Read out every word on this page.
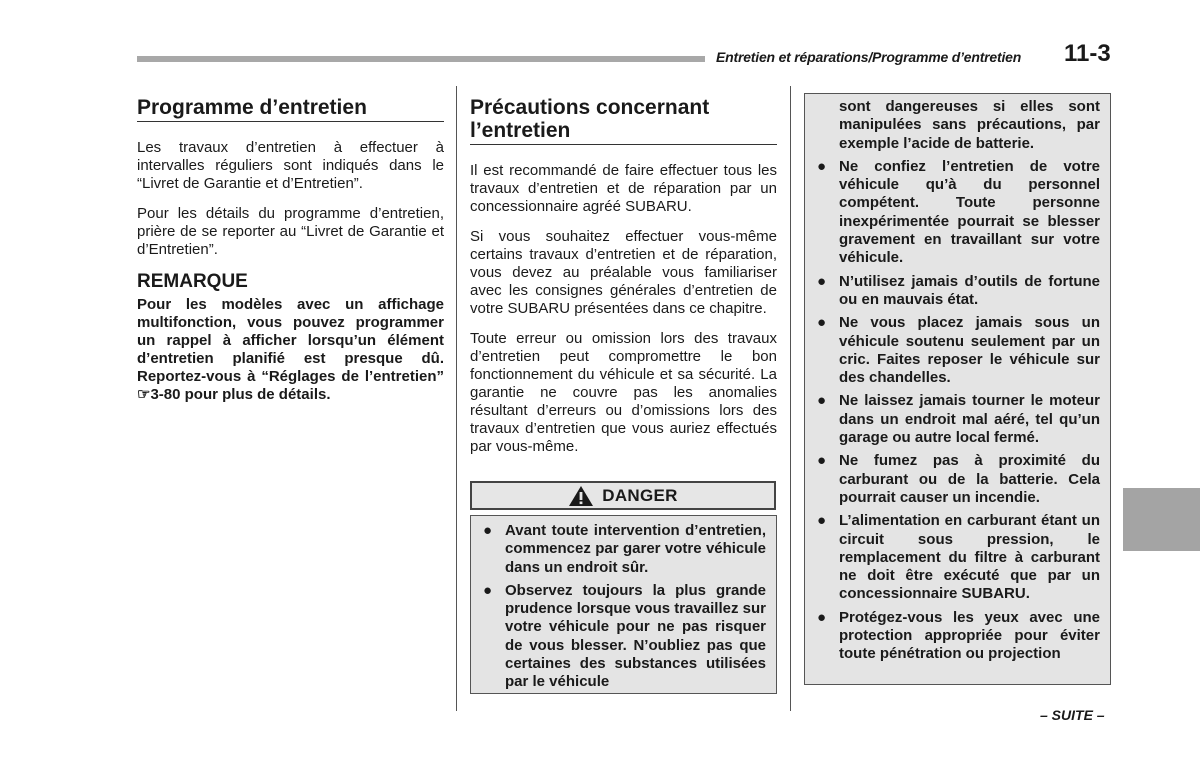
Entretien et réparations/Programme d’entretien 11-3
Programme d’entretien

Les travaux d’entretien à effectuer à intervalles réguliers sont indiqués dans le “Livret de Garantie et d’Entretien”.

Pour les détails du programme d’entretien, prière de se reporter au “Livret de Garantie et d’Entretien”.

REMARQUE

Pour les modèles avec un affichage multifonction, vous pouvez programmer un rappel à afficher lorsqu’un élément d’entretien planifié est presque dû. Reportez-vous à “Réglages de l’entretien” ☞3-80 pour plus de détails.

Précautions concernant l’entretien

Il est recommandé de faire effectuer tous les travaux d’entretien et de réparation par un concessionnaire agréé SUBARU.

Si vous souhaitez effectuer vous-même certains travaux d’entretien et de réparation, vous devez au préalable vous familiariser avec les consignes générales d’entretien de votre SUBARU présentées dans ce chapitre.

Toute erreur ou omission lors des travaux d’entretien peut compromettre le bon fonctionnement du véhicule et sa sécurité. La garantie ne couvre pas les anomalies résultant d’erreurs ou d’omissions lors des travaux d’entretien que vous auriez effectués par vous-même.

DANGER
● Avant toute intervention d’entretien, commencez par garer votre véhicule dans un endroit sûr.
● Observez toujours la plus grande prudence lorsque vous travaillez sur votre véhicule pour ne pas risquer de vous blesser. N’oubliez pas que certaines des substances utilisées par le véhicule

sont dangereuses si elles sont manipulées sans précautions, par exemple l’acide de batterie.

● Ne confiez l’entretien de votre véhicule qu’à du personnel compétent. Toute personne inexpérimentée pourrait se blesser gravement en travaillant sur votre véhicule.
● N’utilisez jamais d’outils de fortune ou en mauvais état.
● Ne vous placez jamais sous un véhicule soutenu seulement par un cric. Faites reposer le véhicule sur des chandelles.
● Ne laissez jamais tourner le moteur dans un endroit mal aéré, tel qu’un garage ou autre local fermé.
● Ne fumez pas à proximité du carburant ou de la batterie. Cela pourrait causer un incendie.
● L’alimentation en carburant étant un circuit sous pression, le remplacement du filtre à carburant ne doit être exécuté que par un concessionnaire SUBARU.
● Protégez-vous les yeux avec une protection appropriée pour éviter toute pénétration ou projection
– SUITE –
